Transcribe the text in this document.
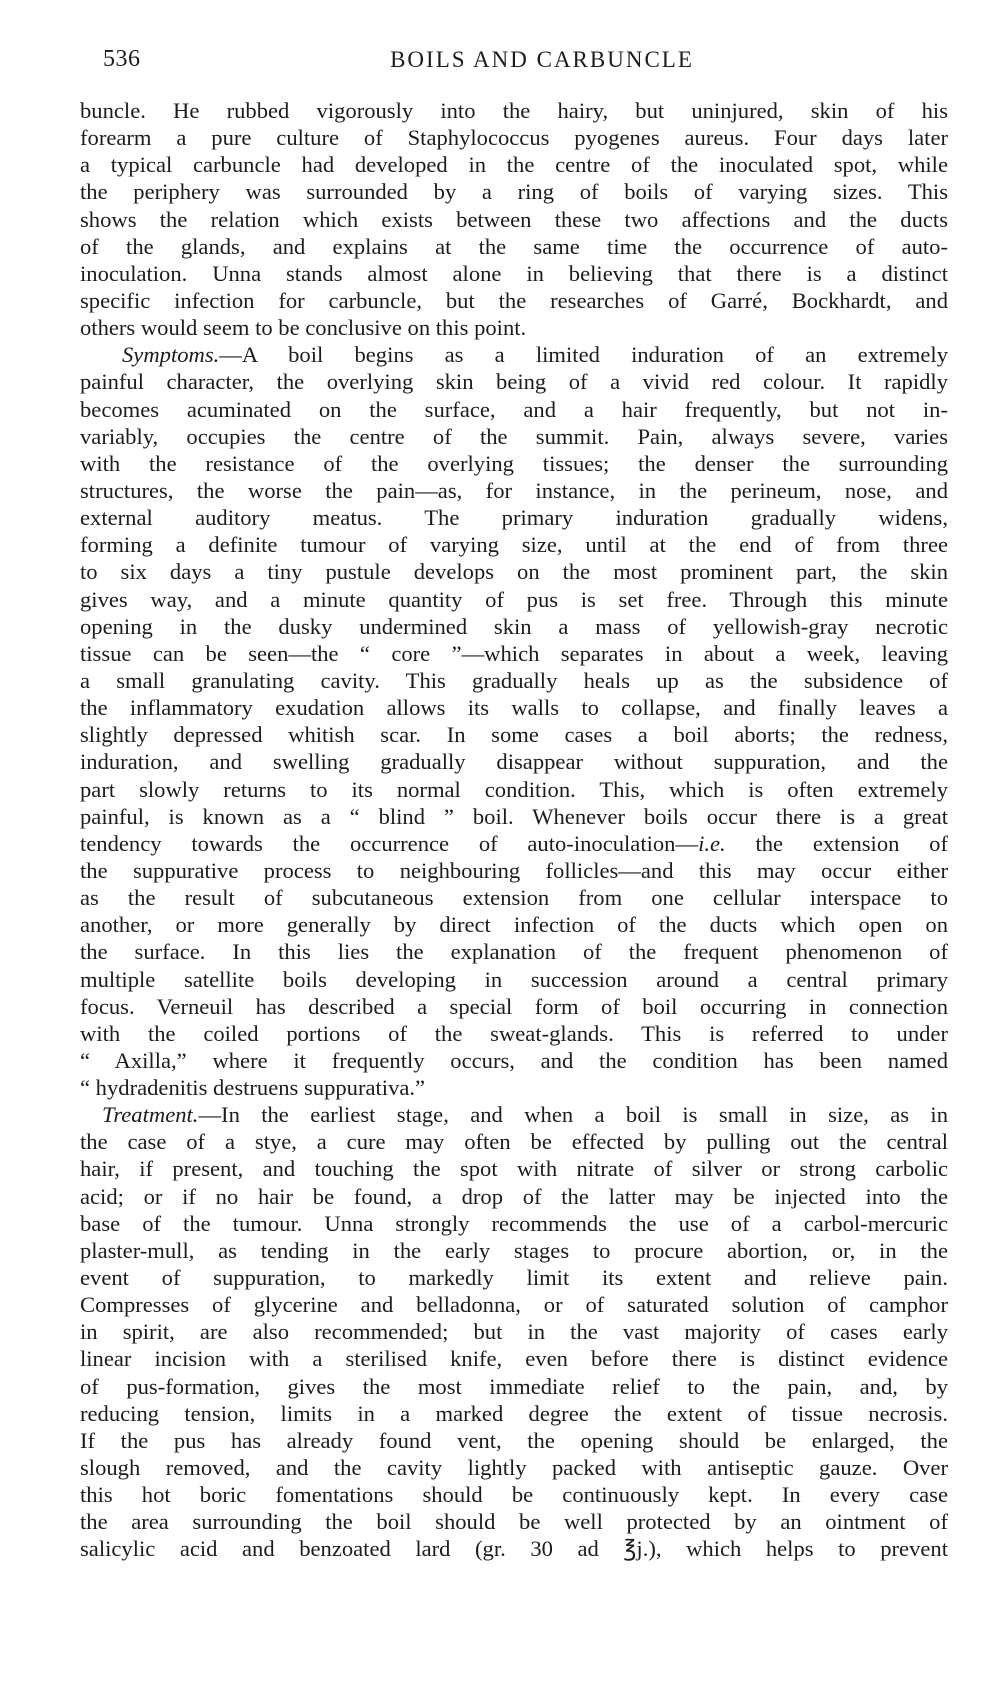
536	BOILS AND CARBUNCLE
buncle. He rubbed vigorously into the hairy, but uninjured, skin of his
forearm a pure culture of Staphylococcus pyogenes aureus. Four days later
a typical carbuncle had developed in the centre of the inoculated spot, while
the periphery was surrounded by a ring of boils of varying sizes. This
shows the relation which exists between these two affections and the ducts
of the glands, and explains at the same time the occurrence of auto-
inoculation. Unna stands almost alone in believing that there is a distinct
specific infection for carbuncle, but the researches of Garré, Bockhardt, and
others would seem to be conclusive on this point.
Symptoms.—A boil begins as a limited induration of an extremely
painful character, the overlying skin being of a vivid red colour. It rapidly
becomes acuminated on the surface, and a hair frequently, but not in-
variably, occupies the centre of the summit. Pain, always severe, varies
with the resistance of the overlying tissues; the denser the surrounding
structures, the worse the pain—as, for instance, in the perineum, nose, and
external auditory meatus. The primary induration gradually widens,
forming a definite tumour of varying size, until at the end of from three
to six days a tiny pustule develops on the most prominent part, the skin
gives way, and a minute quantity of pus is set free. Through this minute
opening in the dusky undermined skin a mass of yellowish-gray necrotic
tissue can be seen—the “ core ”—which separates in about a week, leaving
a small granulating cavity. This gradually heals up as the subsidence of
the inflammatory exudation allows its walls to collapse, and finally leaves a
slightly depressed whitish scar. In some cases a boil aborts; the redness,
induration, and swelling gradually disappear without suppuration, and the
part slowly returns to its normal condition. This, which is often extremely
painful, is known as a “ blind ” boil. Whenever boils occur there is a great
tendency towards the occurrence of auto-inoculation—i.e. the extension of
the suppurative process to neighbouring follicles—and this may occur either
as the result of subcutaneous extension from one cellular interspace to
another, or more generally by direct infection of the ducts which open on
the surface. In this lies the explanation of the frequent phenomenon of
multiple satellite boils developing in succession around a central primary
focus. Verneuil has described a special form of boil occurring in connection
with the coiled portions of the sweat-glands. This is referred to under
“ Axilla,” where it frequently occurs, and the condition has been named
“ hydradenitis destruens suppurativa.”
Treatment.—In the earliest stage, and when a boil is small in size, as in
the case of a stye, a cure may often be effected by pulling out the central
hair, if present, and touching the spot with nitrate of silver or strong carbolic
acid; or if no hair be found, a drop of the latter may be injected into the
base of the tumour. Unna strongly recommends the use of a carbol-mercuric
plaster-mull, as tending in the early stages to procure abortion, or, in the
event of suppuration, to markedly limit its extent and relieve pain.
Compresses of glycerine and belladonna, or of saturated solution of camphor
in spirit, are also recommended; but in the vast majority of cases early
linear incision with a sterilised knife, even before there is distinct evidence
of pus-formation, gives the most immediate relief to the pain, and, by
reducing tension, limits in a marked degree the extent of tissue necrosis.
If the pus has already found vent, the opening should be enlarged, the
slough removed, and the cavity lightly packed with antiseptic gauze. Over
this hot boric fomentations should be continuously kept. In every case
the area surrounding the boil should be well protected by an ointment of
salicylic acid and benzoated lard (gr. 30 ad ℥j.), which helps to prevent
